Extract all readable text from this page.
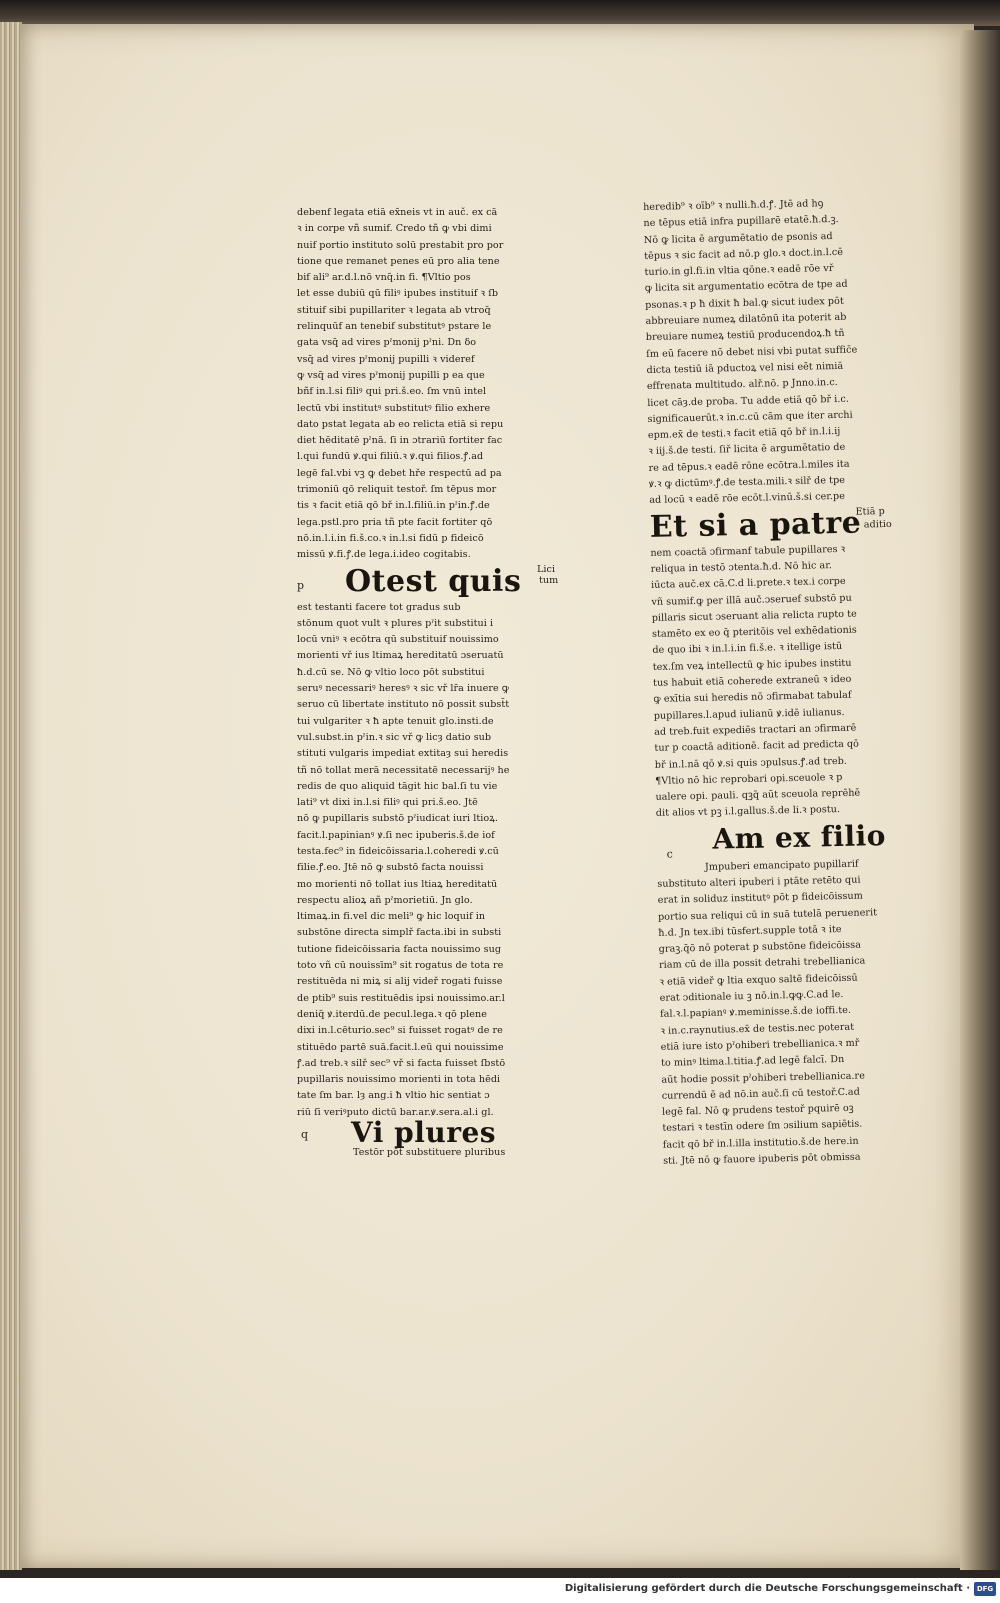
debenf legata etiā ex̄neis vt in auč. ex cā
ꝛ in corpe vñ sumif. Credo tñ ꝙ vbi dimi
nuif portio instituto solū prestabit pro por
tione que remanet penes eū pro alia tene
bif ali⁹ ar.d.l.nō vnq̄.in fi. ¶Vltio pos
let esse dubiū qū filiꝰ ipubes instituif ꝛ ſb
stituif sibi pupillariter ꝛ legata ab vtroq̄
relinquūf an tenebif substitutꝰ pstare le
gata vsq̄ ad vires pˀmonij pˀni. Dn ẟo
vsq̄ ad vires pˀmonij pupilli ꝛ videref
ꝙ vsq̄ ad vires pˀmonij pupilli p ea que
bñf in.l.si filiꝰ qui pri.š.eo. ſm vnū intel
lectū vbi institutꝰ substitutꝰ filio exhere
dato pstat legata ab eo relicta etiā si repu
diet hēditatē pˀnā. ſi in ɔtrariū fortiter fac
l.qui fundū ꝟ.qui filiū.ꝛ ꝟ.qui filios.ꝭ.ad
legē fal.vbi vꝫ ꝙ debet hře respectū ad pa
trimoniū qō reliquit testoř. ſm tēpus mor
tis ꝛ facit etiā qō bř in.l.filiū.in pˀin.ꝭ.de
lega.pstl.pro pria tñ pte facit fortiter qō
nō.in.l.i.in fi.š.co.ꝛ in.l.si fidū p fideicō
missū ꝟ.fi.ꝭ.de lega.i.ideo cogitabis.
Otest quis	Lici
tum
p
est testanti facere tot gradus sub
stōnum quot vult ꝛ plures pˀit substitui i
locū vniꝰ ꝛ ecōtra qū substituif nouissimo
morienti vř ius ltimaꝝ hereditatū ɔseruatū
ħ.d.cū se. Nō ꝙ vltio loco pōt substitui
seruꝰ necessariꝰ heresꝰ ꝛ sic vř lr̄a inuere ꝙ
seruo cū libertate instituto nō possit subst̄t
tui vulgariter ꝛ ħ apte tenuit glo.insti.de
vul.subst.in pˀin.ꝛ sic vř ꝙ licȝ datio sub
stituti vulgaris impediat extitaȝ sui heredis
tñ nō tollat merā necessitatē necessarijꝰ he
redis de quo aliquid tāgit hic bal.ſi tu vie
lati⁹ vt dixi in.l.si filiꝰ qui pri.š.eo. Jtē
nō ꝙ pupillaris substō pˀiudicat iuri ltioꝝ.
facit.l.papinianꝰ ꝟ.ſi nec ipuberis.š.de iof
testa.fec⁹ in fideicōissaria.l.coheredi ꝟ.cū
filie.ꝭ.eo. Jtē nō ꝙ substō facta nouissi
mo morienti nō tollat ius ltiaꝝ hereditatū
respectu alioꝝ añ pˀmorietiū. Jn glo.
ltimaꝝ.in fi.vel dic meli⁹ ꝙ hic loquif in
substōne directa simplř facta.ibi in substi
tutione fideicōissaria facta nouissimo sug
toto vñ cū nouissīm⁹ sit rogatus de tota re
restituēda ni miꝝ si alij videř rogati fuisse
de ptib⁹ suis restituēdis ipsi nouissimo.ar.l
deniq̄ ꝟ.iterdū.de pecul.lega.ꝛ qō plene
dixi in.l.cēturio.sec⁹ si fuisset rogatꝰ de re
stituēdo partē suā.facit.l.eū qui nouissime
ꝭ.ad treb.ꝛ silř sec⁹ vř si facta fuisset ſbstō
pupillaris nouissimo morienti in tota hēdi
tate ſm bar. lȝ ang.i ħ vltio hic sentiat ɔ
riū ſi veriꝰputo dictū bar.ar.ꝟ.sera.al.i gl.
Vi plures
q
Testōr pōt substituere pluribus
heredib⁹ ꝛ oīb⁹ ꝛ nulli.ħ.d.ꝭ. Jtē ad hꝯ
ne tēpus etiā infra pupillarē etatē.ħ.d.ꝫ.
Nō ꝙ licita ē argumētatio de psonis ad
tēpus ꝛ sic facit ad nō.p glo.ꝛ doct.in.l.cē
turio.in gl.fi.in vltia qōne.ꝛ eadē rōe vř
ꝙ licita sit argumentatio ecōtra de tpe ad
psonas.ꝛ p ħ dixit ħ bal.ꝙ sicut iudex pōt
abbreuiare numeꝝ dilatōnū ita poterit ab
breuiare numeꝝ testiū producendoꝝ.ħ tñ
ſm eū facere nō debet nisi vbi putat suffic̄e
dicta testiū iā pductoꝝ vel nisi eēt nimiā
effrenata multitudo. alř.nō. p Jnno.in.c.
licet cāȝ.de proba. Tu adde etiā qō bř i.c.
significauerūt.ꝛ in.c.cū cām que iter archi
epm.ex̄ de testi.ꝛ facit etiā qō bř in.l.i.ij
ꝛ iij.š.de testi. ſiř licita ē argumētatio de
re ad tēpus.ꝛ eadē rōne ecōtra.l.miles ita
ꝟ.ꝛ ꝙ dictūmꝰ.ꝭ.de testa.mili.ꝛ silř de tpe
ad locū ꝛ eadē rōe ecōt.l.vinū.š.si cer.pe
Et si a patre
Etiā p
aditio
nem coactā ɔfirmanf tabule pupillares ꝛ
reliqua in testō ɔtenta.ħ.d. Nō hic ar.
iūcta auč.ex cā.C.d li.prete.ꝛ tex.i corpe
vñ sumif.ꝙ per illā auč.ɔseruef substō pu
pillaris sicut ɔseruant alia relicta rupto te
stamēto ex eo q̄ pteritōis vel exhēdationis
de quo ibi ꝛ in.l.i.in fi.š.e. ꝛ itellige istū
tex.ſm veꝝ intellectū ꝙ hic ipubes institu
tus habuit etiā coherede extraneū ꝛ ideo
ꝙ exītia sui heredis nō ɔfirmabat tabulaf
pupillares.l.apud iulianū ꝟ.idē iulianus.
ad treb.fuit expediēs tractari an ɔfirmarē
tur p coactā aditionē. facit ad predicta qō
bř in.l.nā qō ꝟ.si quis ɔpulsus.ꝭ.ad treb.
¶Vltio nō hic reprobari opi.sceuole ꝛ p
ualere opi. pauli. qꝫq̄ aūt sceuola reprēhē
dit alios vt pꝫ i.l.gallus.š.de li.ꝛ postu.
Am ex filio
c
Jmpuberi emancipato pupillarif
substituto alteri ipuberi i ptāte retēto qui
erat in soliduz institutꝰ pōt p fideicōissum
portio sua reliqui cū in suā tutelā peruenerit
ħ.d. Jn tex.ibi tūsfert.supple totā ꝛ ite
graꝫ.q̄ō nō poterat p substōne fideicōissa
riam cū de illa possit detrahi trebellianica
ꝛ etiā videř ꝙ ltia exquo saltē fideicōissū
erat ɔditionale iu ꝫ nō.in.l.ꝙꝙ.C.ad le.
fal.ꝛ.l.papianꝰ ꝟ.meminisse.š.de ioffi.te.
ꝛ in.c.raynutius.ex̄ de testis.nec poterat
etiā iure isto pˀohiberi trebellianica.ꝛ mř
to minꝰ ltima.l.titia.ꝭ.ad legē falcī. Dn
aūt hodie possit pˀohiberi trebellianica.re
currendū ē ad nō.in auč.ſi cū testoř.C.ad
legē fal. Nō ꝙ prudens testoř pquirē oꝫ
testari ꝛ testīn odere ſm ɔsilium sapiētis.
facit qō bř in.l.illa institutio.š.de here.in
sti. Jtē nō ꝙ fauore ipuberis pōt obmissa
Digitalisierung gefördert durch die Deutsche Forschungsgemeinschaft · DFG
